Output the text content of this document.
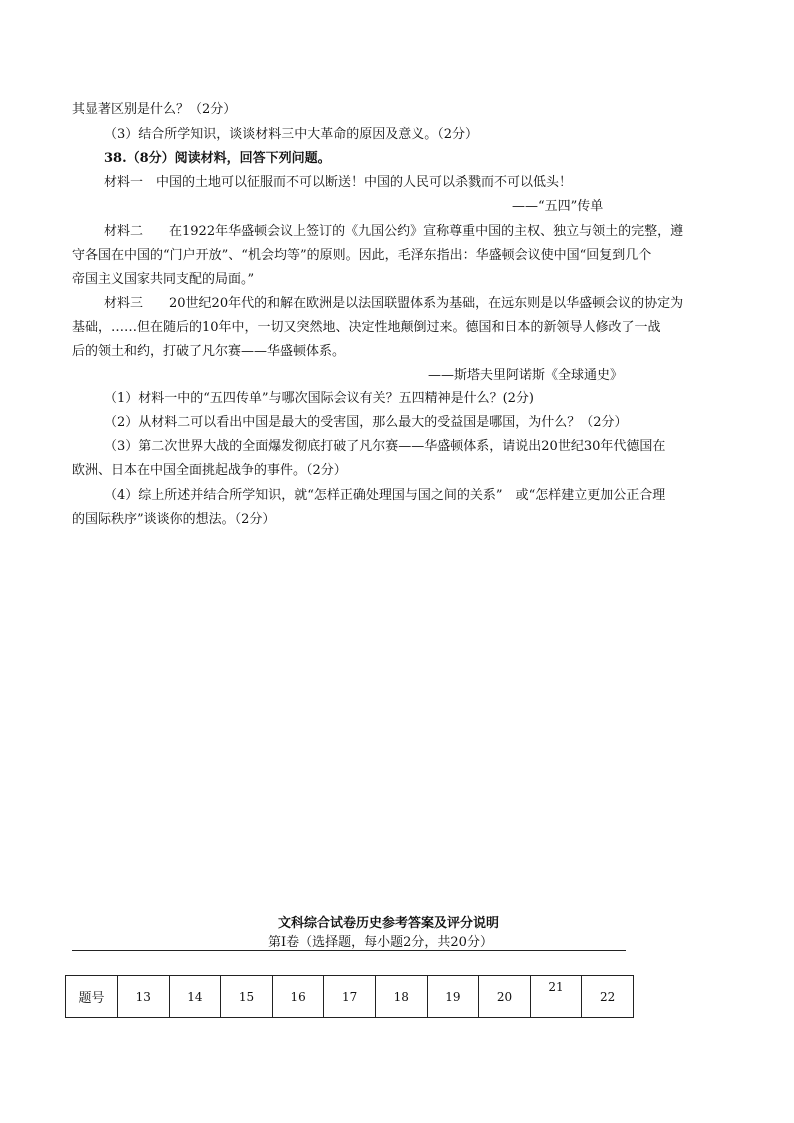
其显著区别是什么？（2分）
（3）结合所学知识，谈谈材料三中大革命的原因及意义。（2分）
38.（8分）阅读材料，回答下列问题。
材料一　中国的土地可以征服而不可以断送！中国的人民可以杀戮而不可以低头！
——“五四”传单
材料二　　在1922年华盛顿会议上签订的《九国公约》宣称尊重中国的主权、独立与领土的完整，遵
守各国在中国的“门户开放”、“机会均等”的原则。因此，毛泽东指出：华盛顿会议使中国“回复到几个
帝国主义国家共同支配的局面。”
材料三　　20世纪20年代的和解在欧洲是以法国联盟体系为基础，在远东则是以华盛顿会议的协定为
基础，……但在随后的10年中，一切又突然地、决定性地颠倒过来。德国和日本的新领导人修改了一战
后的领土和约，打破了凡尔赛——华盛顿体系。
——斯塔夫里阿诺斯《全球通史》
（1）材料一中的“五四传单”与哪次国际会议有关？五四精神是什么？(2分)
（2）从材料二可以看出中国是最大的受害国，那么最大的受益国是哪国，为什么？（2分）
（3）第二次世界大战的全面爆发彻底打破了凡尔赛——华盛顿体系，请说出20世纪30年代德国在
欧洲、日本在中国全面挑起战争的事件。（2分）
（4）综上所述并结合所学知识，就“怎样正确处理国与国之间的关系”　或“怎样建立更加公正合理
的国际秩序”谈谈你的想法。（2分）
文科综合试卷历史参考答案及评分说明
第Ⅰ卷（选择题，每小题2分，共20分）
题号	13	14	15	16	17	18	19	20	21	22
